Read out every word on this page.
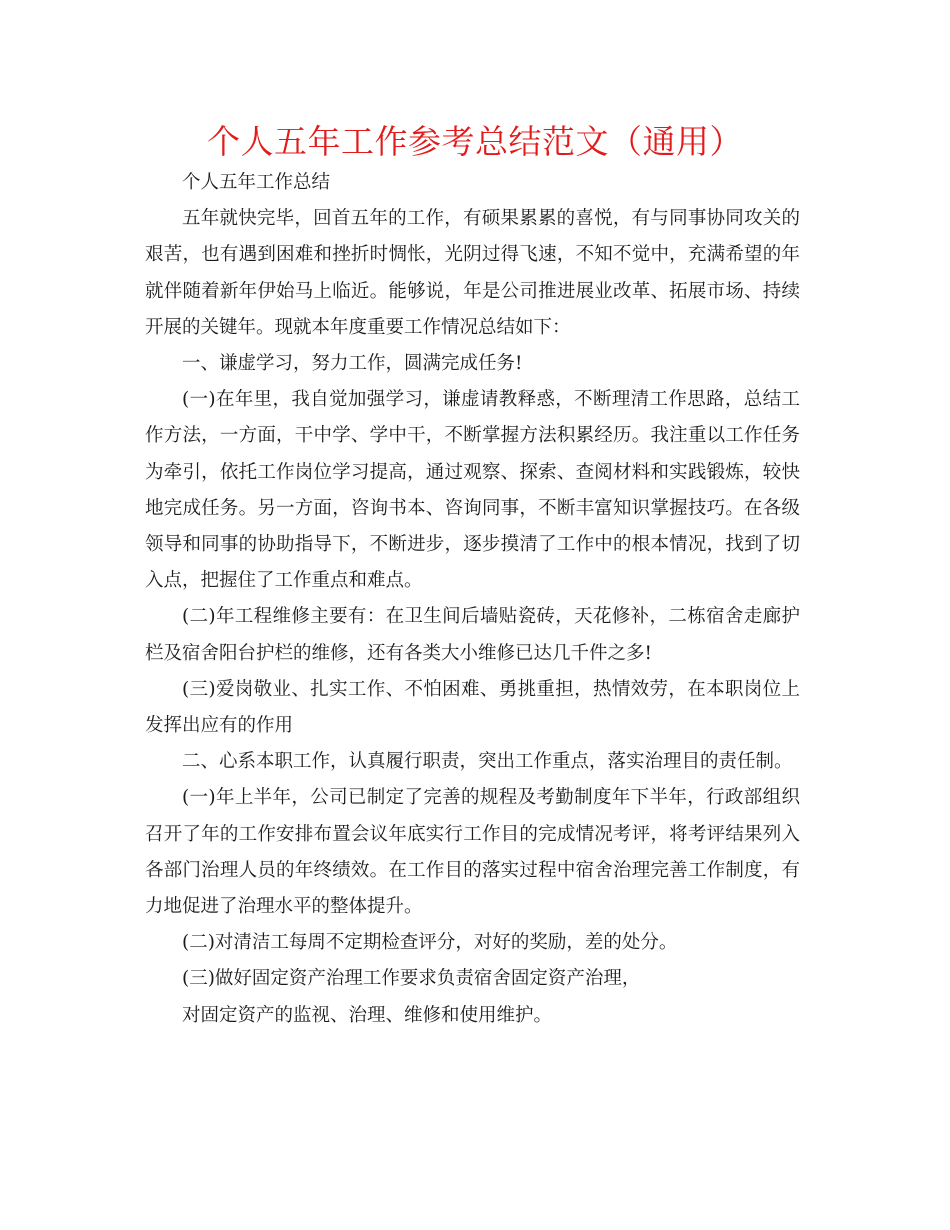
个人五年工作参考总结范文（通用）

个人五年工作总结

五年就快完毕，回首五年的工作，有硕果累累的喜悦，有与同事协同攻关的艰苦，也有遇到困难和挫折时惆怅，光阴过得飞速，不知不觉中，充满希望的年就伴随着新年伊始马上临近。能够说，年是公司推进展业改革、拓展市场、持续开展的关键年。现就本年度重要工作情况总结如下：

一、谦虚学习，努力工作，圆满完成任务!

(一)在年里，我自觉加强学习，谦虚请教释惑，不断理清工作思路，总结工作方法，一方面，干中学、学中干，不断掌握方法积累经历。我注重以工作任务为牵引，依托工作岗位学习提高，通过观察、探索、查阅材料和实践锻炼，较快地完成任务。另一方面，咨询书本、咨询同事，不断丰富知识掌握技巧。在各级领导和同事的协助指导下，不断进步，逐步摸清了工作中的根本情况，找到了切入点，把握住了工作重点和难点。

(二)年工程维修主要有：在卫生间后墙贴瓷砖，天花修补，二栋宿舍走廊护栏及宿舍阳台护栏的维修，还有各类大小维修已达几千件之多!

(三)爱岗敬业、扎实工作、不怕困难、勇挑重担，热情效劳，在本职岗位上发挥出应有的作用

二、心系本职工作，认真履行职责，突出工作重点，落实治理目的责任制。

(一)年上半年，公司已制定了完善的规程及考勤制度年下半年，行政部组织召开了年的工作安排布置会议年底实行工作目的完成情况考评，将考评结果列入各部门治理人员的年终绩效。在工作目的落实过程中宿舍治理完善工作制度，有力地促进了治理水平的整体提升。

(二)对清洁工每周不定期检查评分，对好的奖励，差的处分。

(三)做好固定资产治理工作要求负责宿舍固定资产治理，

对固定资产的监视、治理、维修和使用维护。
